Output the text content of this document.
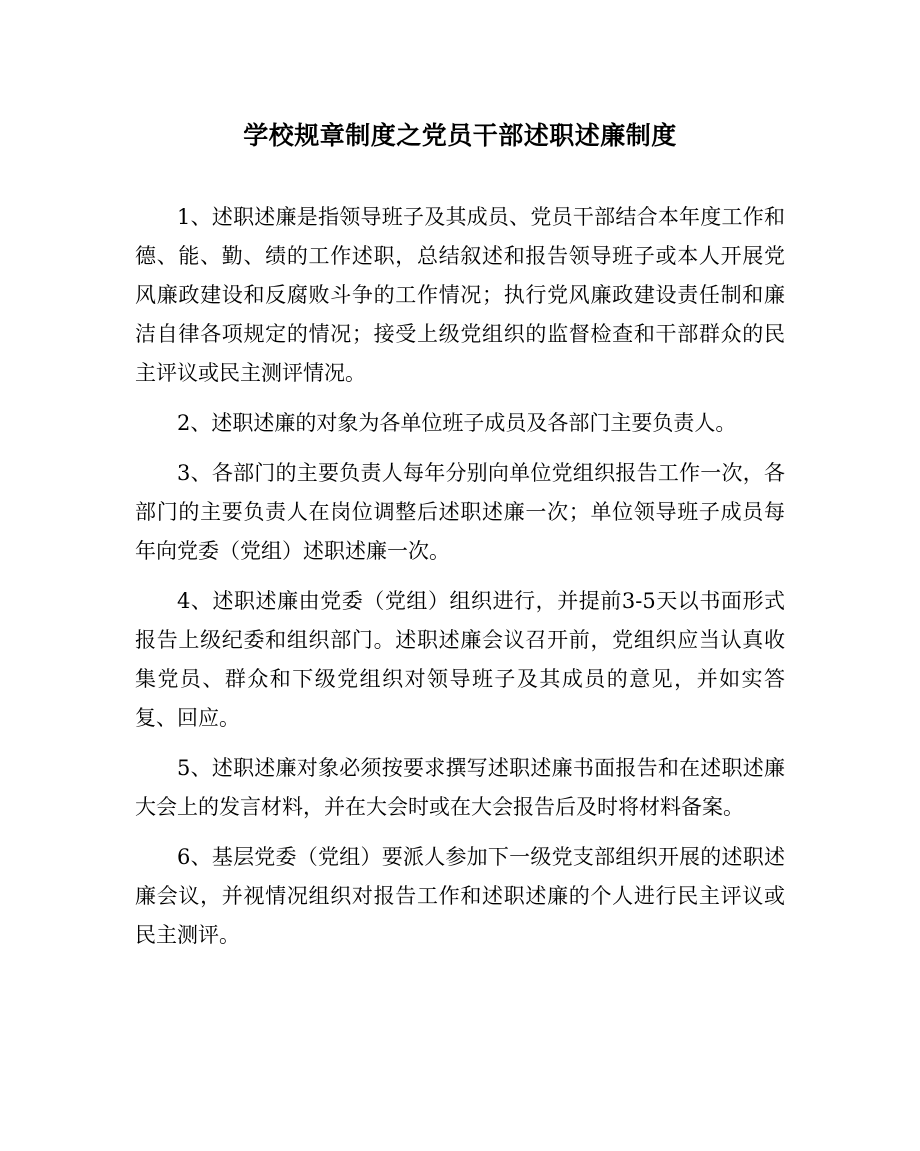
学校规章制度之党员干部述职述廉制度

1、述职述廉是指领导班子及其成员、党员干部结合本年度工作和德、能、勤、绩的工作述职，总结叙述和报告领导班子或本人开展党风廉政建设和反腐败斗争的工作情况；执行党风廉政建设责任制和廉洁自律各项规定的情况；接受上级党组织的监督检查和干部群众的民主评议或民主测评情况。

2、述职述廉的对象为各单位班子成员及各部门主要负责人。

3、各部门的主要负责人每年分别向单位党组织报告工作一次，各部门的主要负责人在岗位调整后述职述廉一次；单位领导班子成员每年向党委（党组）述职述廉一次。

4、述职述廉由党委（党组）组织进行，并提前3-5天以书面形式报告上级纪委和组织部门。述职述廉会议召开前，党组织应当认真收集党员、群众和下级党组织对领导班子及其成员的意见，并如实答复、回应。

5、述职述廉对象必须按要求撰写述职述廉书面报告和在述职述廉大会上的发言材料，并在大会时或在大会报告后及时将材料备案。

6、基层党委（党组）要派人参加下一级党支部组织开展的述职述廉会议，并视情况组织对报告工作和述职述廉的个人进行民主评议或民主测评。
